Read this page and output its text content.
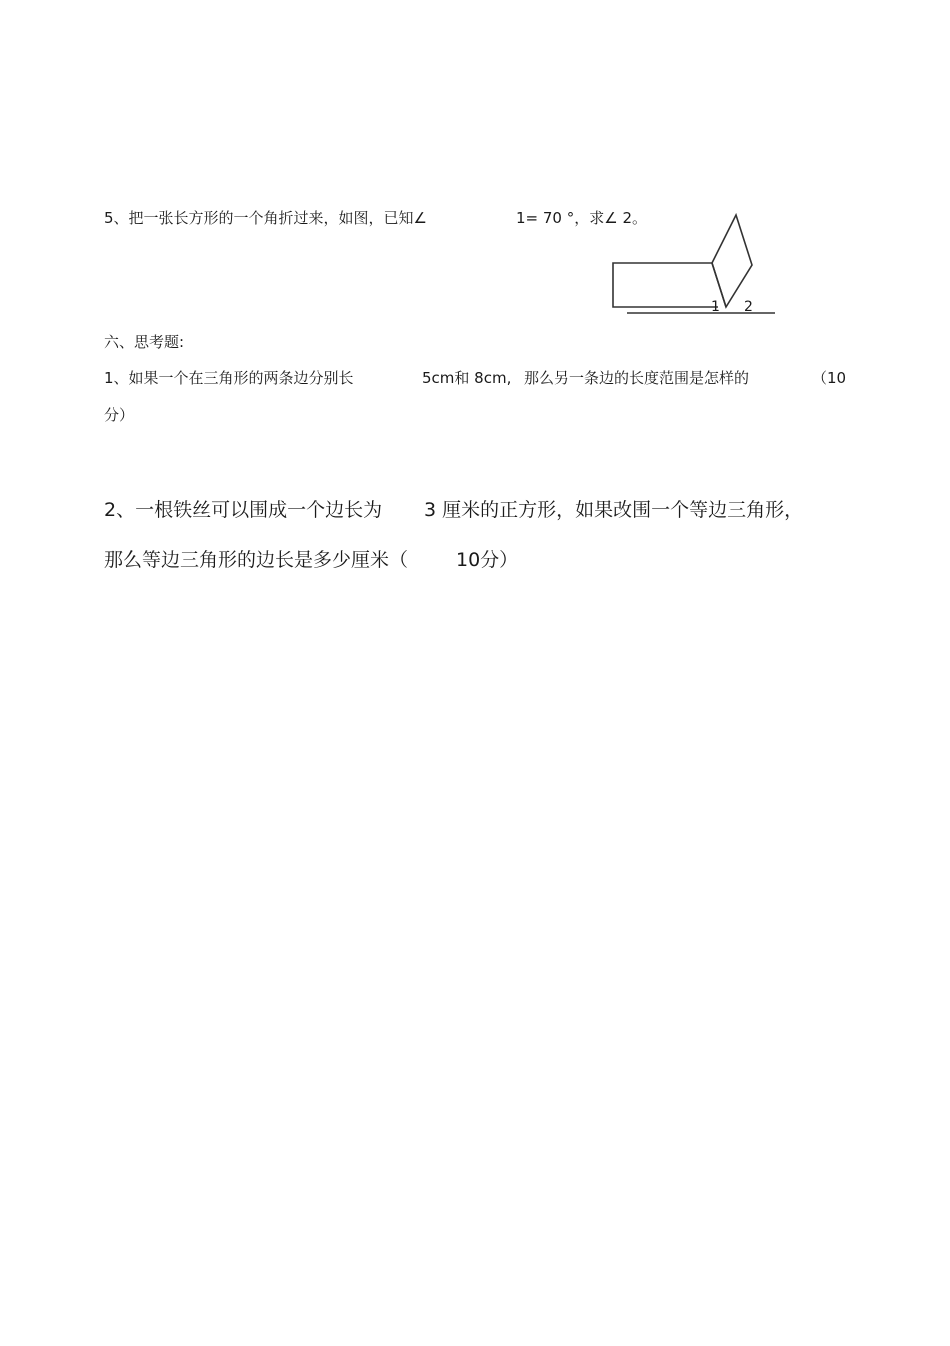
5、把一张长方形的一个角折过来，如图，已知∠	1= 70 °，求∠ 2。
1 2
六、思考题:
1、如果一个在三角形的两条边分别长	5cm和 8cm, 那么另一条边的长度范围是怎样的	（10
分）
2、一根铁丝可以围成一个边长为 3 厘米的正方形，如果改围一个等边三角形，
那么等边三角形的边长是多少厘米（	10分）
